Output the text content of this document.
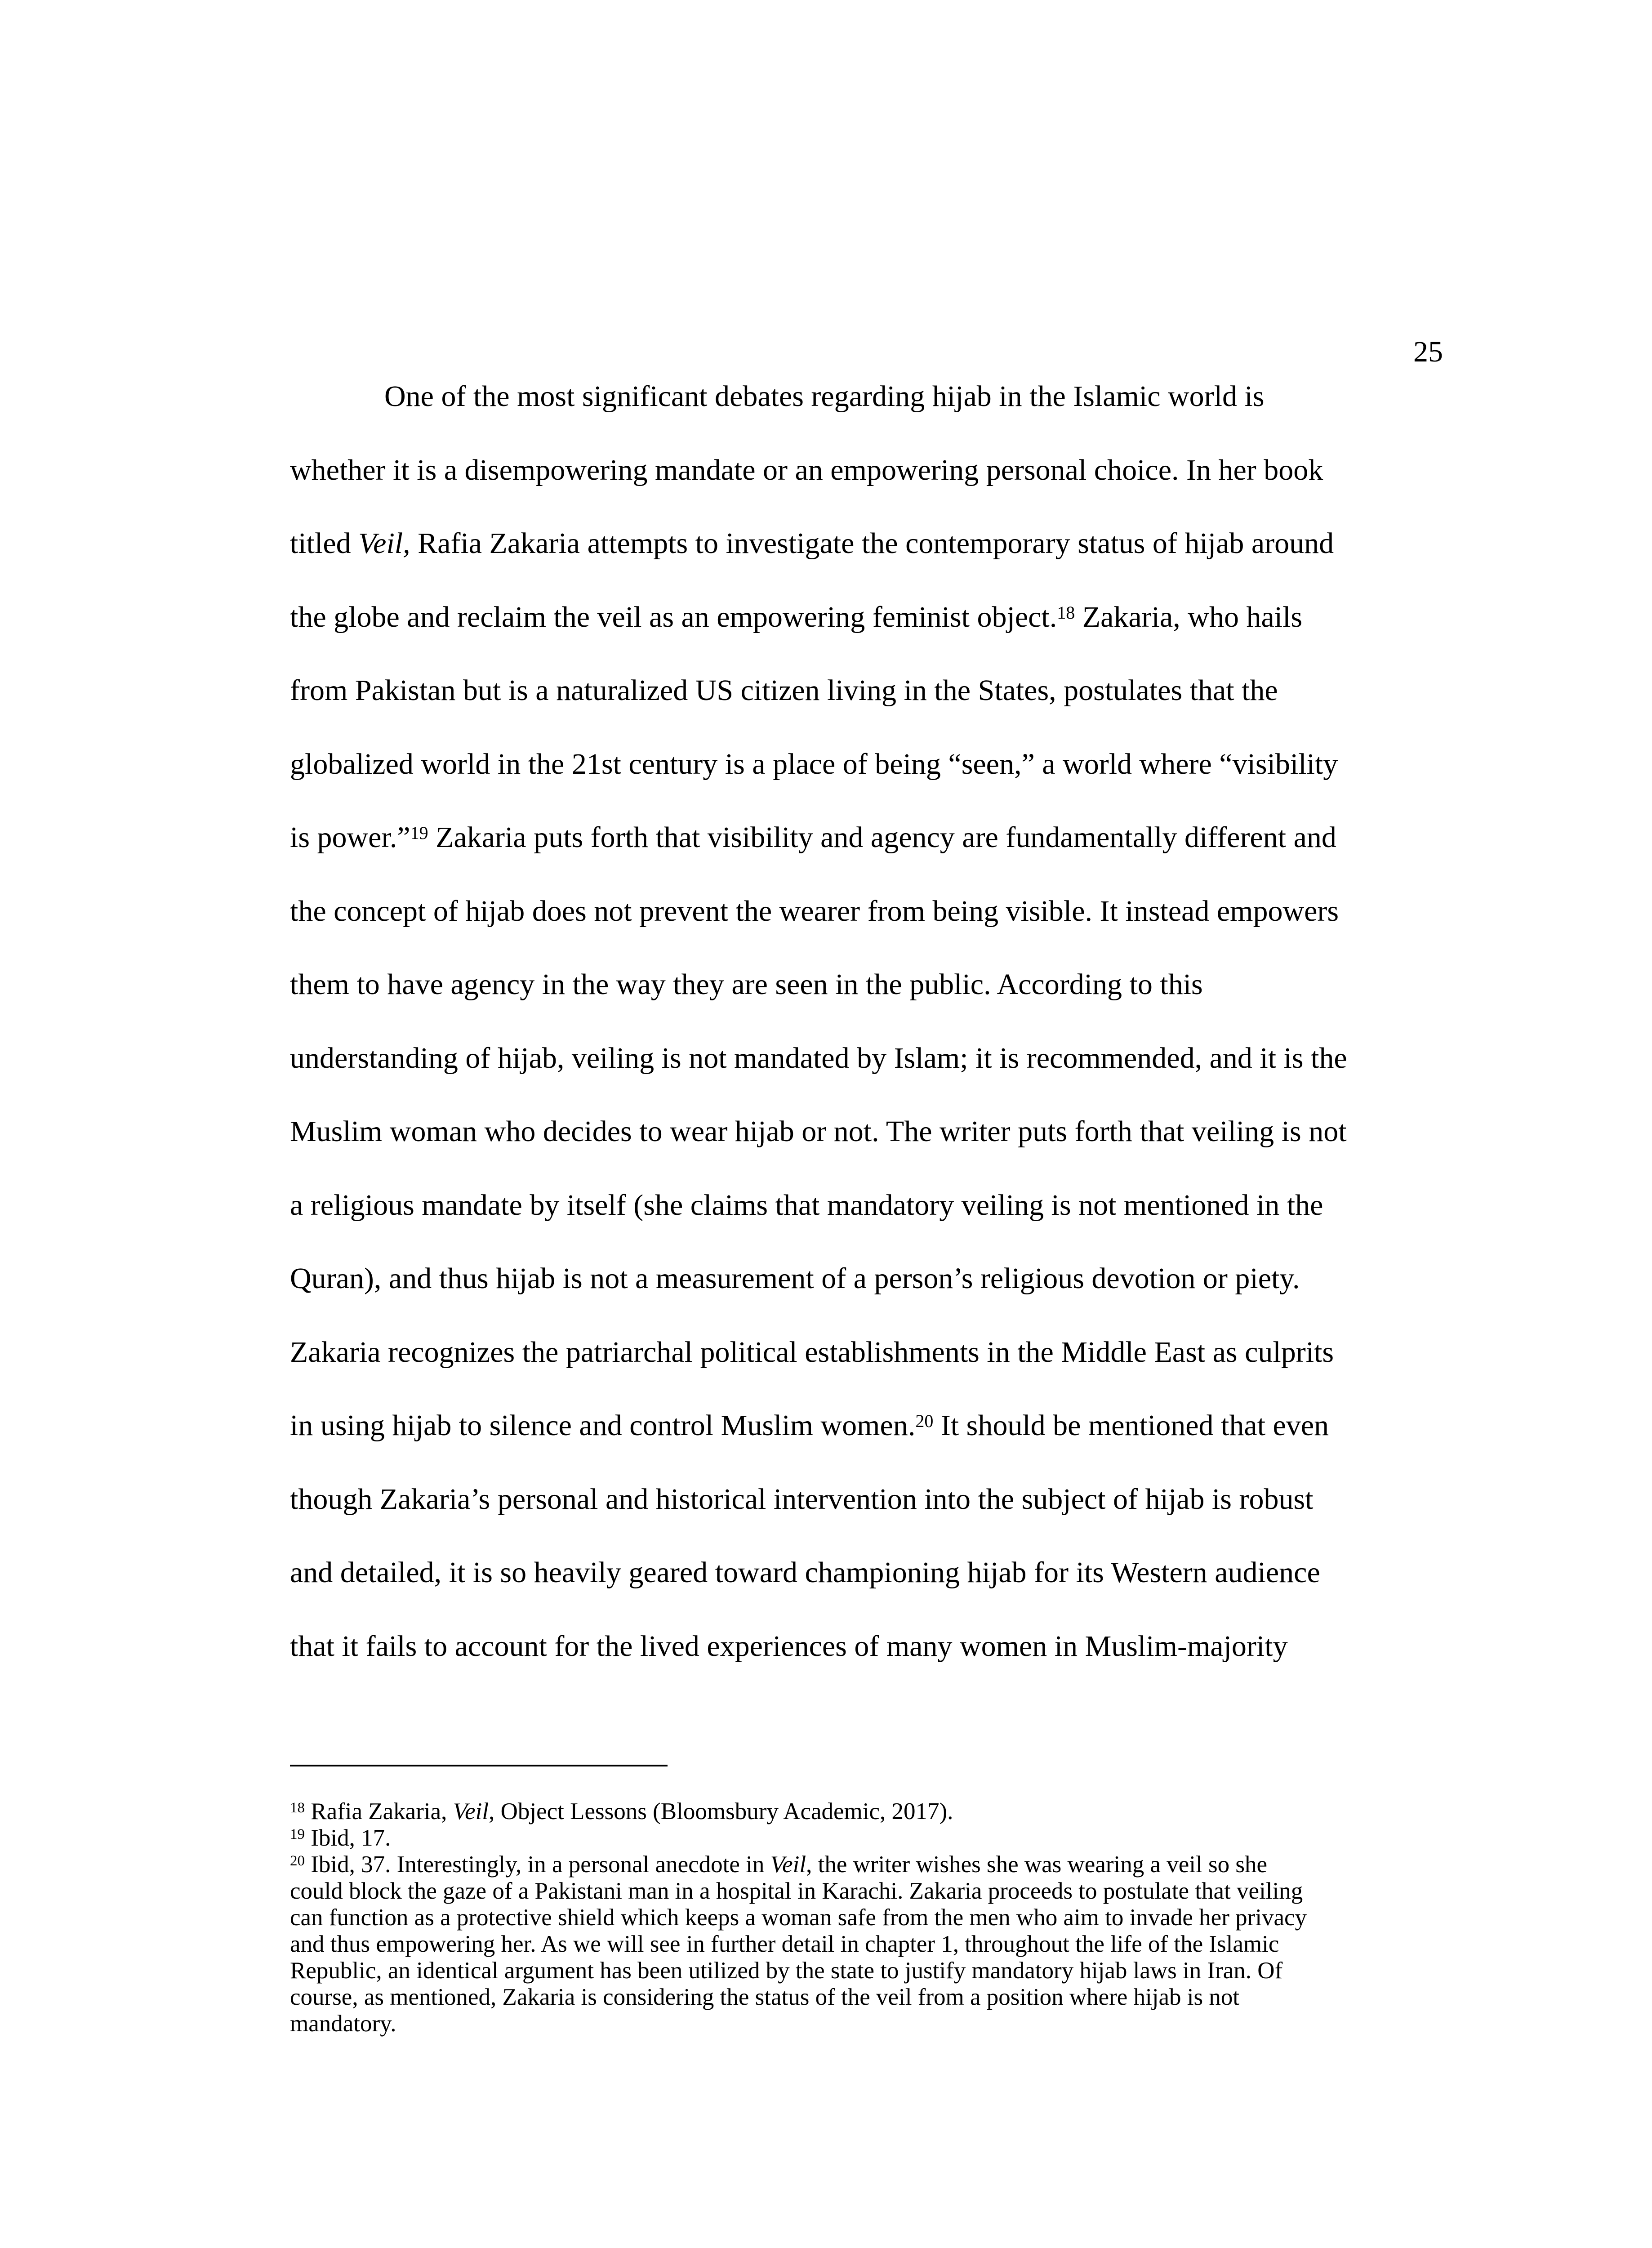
25
One of the most significant debates regarding hijab in the Islamic world is
whether it is a disempowering mandate or an empowering personal choice. In her book
titled Veil, Rafia Zakaria attempts to investigate the contemporary status of hijab around
the globe and reclaim the veil as an empowering feminist object.$^{18}$ Zakaria, who hails
from Pakistan but is a naturalized US citizen living in the States, postulates that the
globalized world in the 21st century is a place of being “seen,” a world where “visibility
is power.”$^{19}$ Zakaria puts forth that visibility and agency are fundamentally different and
the concept of hijab does not prevent the wearer from being visible. It instead empowers
them to have agency in the way they are seen in the public. According to this
understanding of hijab, veiling is not mandated by Islam; it is recommended, and it is the
Muslim woman who decides to wear hijab or not. The writer puts forth that veiling is not
a religious mandate by itself (she claims that mandatory veiling is not mentioned in the
Quran), and thus hijab is not a measurement of a person’s religious devotion or piety.
Zakaria recognizes the patriarchal political establishments in the Middle East as culprits
in using hijab to silence and control Muslim women.$^{20}$ It should be mentioned that even
though Zakaria’s personal and historical intervention into the subject of hijab is robust
and detailed, it is so heavily geared toward championing hijab for its Western audience
that it fails to account for the lived experiences of many women in Muslim-majority
$^{18}$ Rafia Zakaria, Veil, Object Lessons (Bloomsbury Academic, 2017).
$^{19}$ Ibid, 17.
$^{20}$ Ibid, 37. Interestingly, in a personal anecdote in Veil, the writer wishes she was wearing a veil so she
could block the gaze of a Pakistani man in a hospital in Karachi. Zakaria proceeds to postulate that veiling
can function as a protective shield which keeps a woman safe from the men who aim to invade her privacy
and thus empowering her. As we will see in further detail in chapter 1, throughout the life of the Islamic
Republic, an identical argument has been utilized by the state to justify mandatory hijab laws in Iran. Of
course, as mentioned, Zakaria is considering the status of the veil from a position where hijab is not
mandatory.
